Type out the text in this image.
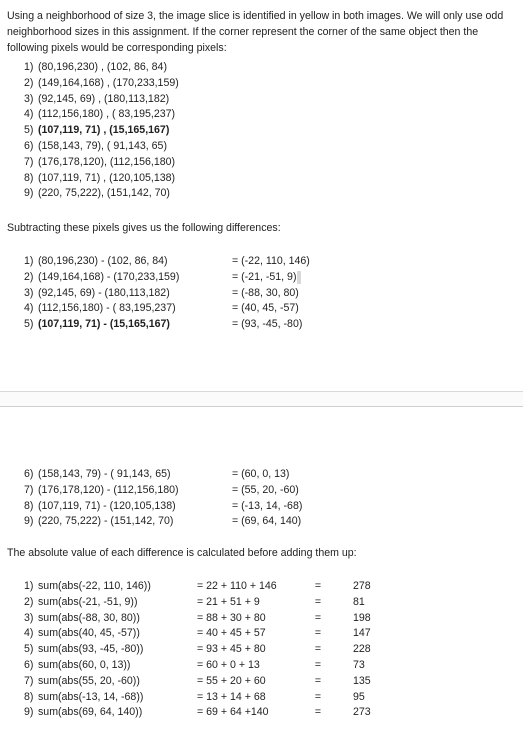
Using a neighborhood of size 3, the image slice is identified in yellow in both images. We will only use odd neighborhood sizes in this assignment. If the corner represent the corner of the same object then the following pixels would be corresponding pixels:
1) (80,196,230) , (102, 86, 84)
2) (149,164,168) , (170,233,159)
3) (92,145, 69) , (180,113,182)
4) (112,156,180) , ( 83,195,237)
5) (107,119, 71) , (15,165,167)
6) (158,143, 79), ( 91,143, 65)
7) (176,178,120), (112,156,180)
8) (107,119, 71) , (120,105,138)
9) (220, 75,222), (151,142, 70)
Subtracting these pixels gives us the following differences:
1) (80,196,230) - (102, 86, 84)	= (-22, 110, 146)
2) (149,164,168) - (170,233,159)	= (-21, -51, 9)
3) (92,145, 69) - (180,113,182)	= (-88, 30, 80)
4) (112,156,180) - ( 83,195,237)	= (40, 45, -57)
5) (107,119, 71) - (15,165,167)	= (93, -45, -80)
6) (158,143, 79) - ( 91,143, 65)	= (60, 0, 13)
7) (176,178,120) - (112,156,180)	= (55, 20, -60)
8) (107,119, 71) - (120,105,138)	= (-13, 14, -68)
9) (220, 75,222) - (151,142, 70)	= (69, 64, 140)
The absolute value of each difference is calculated before adding them up:
1) sum(abs(-22, 110, 146))	= 22 + 110 + 146	=	278
2) sum(abs(-21, -51, 9))	= 21 + 51 + 9	=	81
3) sum(abs(-88, 30, 80))	= 88 + 30 + 80	=	198
4) sum(abs(40, 45, -57))	= 40 + 45 + 57	=	147
5) sum(abs(93, -45, -80))	= 93 + 45 + 80	=	228
6) sum(abs(60, 0, 13))	= 60 + 0 + 13	=	73
7) sum(abs(55, 20, -60))	= 55 + 20 + 60	=	135
8) sum(abs(-13, 14, -68))	= 13 + 14 + 68	=	95
9) sum(abs(69, 64, 140))	= 69 + 64 +140	=	273
